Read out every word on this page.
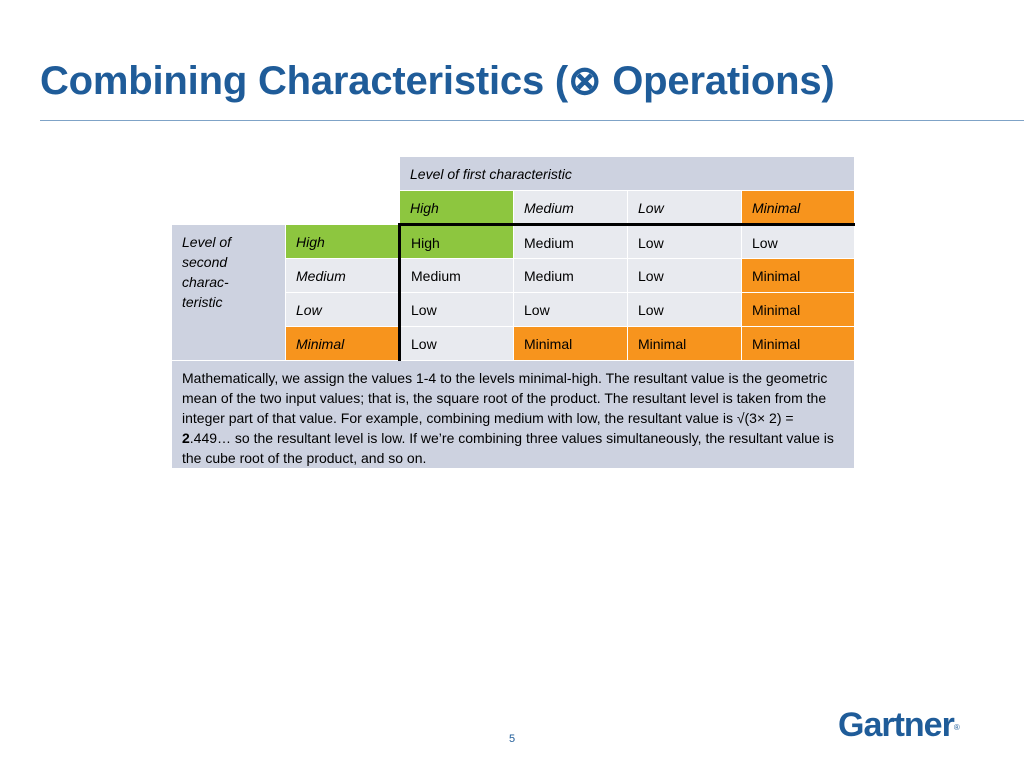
Combining Characteristics (⊗ Operations)
		Level of first characteristic			
		High	Medium	Low	Minimal
Level of
second
charac-
teristic	High	High	Medium	Low	Low
	Medium	Medium	Medium	Low	Minimal
	Low	Low	Low	Low	Minimal
	Minimal	Low	Minimal	Minimal	Minimal
Mathematically, we assign the values 1-4 to the levels minimal-high. The resultant value is the geometric mean of the two input values; that is, the square root of the product. The resultant level is taken from the integer part of that value. For example, combining medium with low, the resultant value is √(3× 2) = 2.449… so the resultant level is low. If we’re combining three values simultaneously, the resultant value is the cube root of the product, and so on.					
5	Gartner®
